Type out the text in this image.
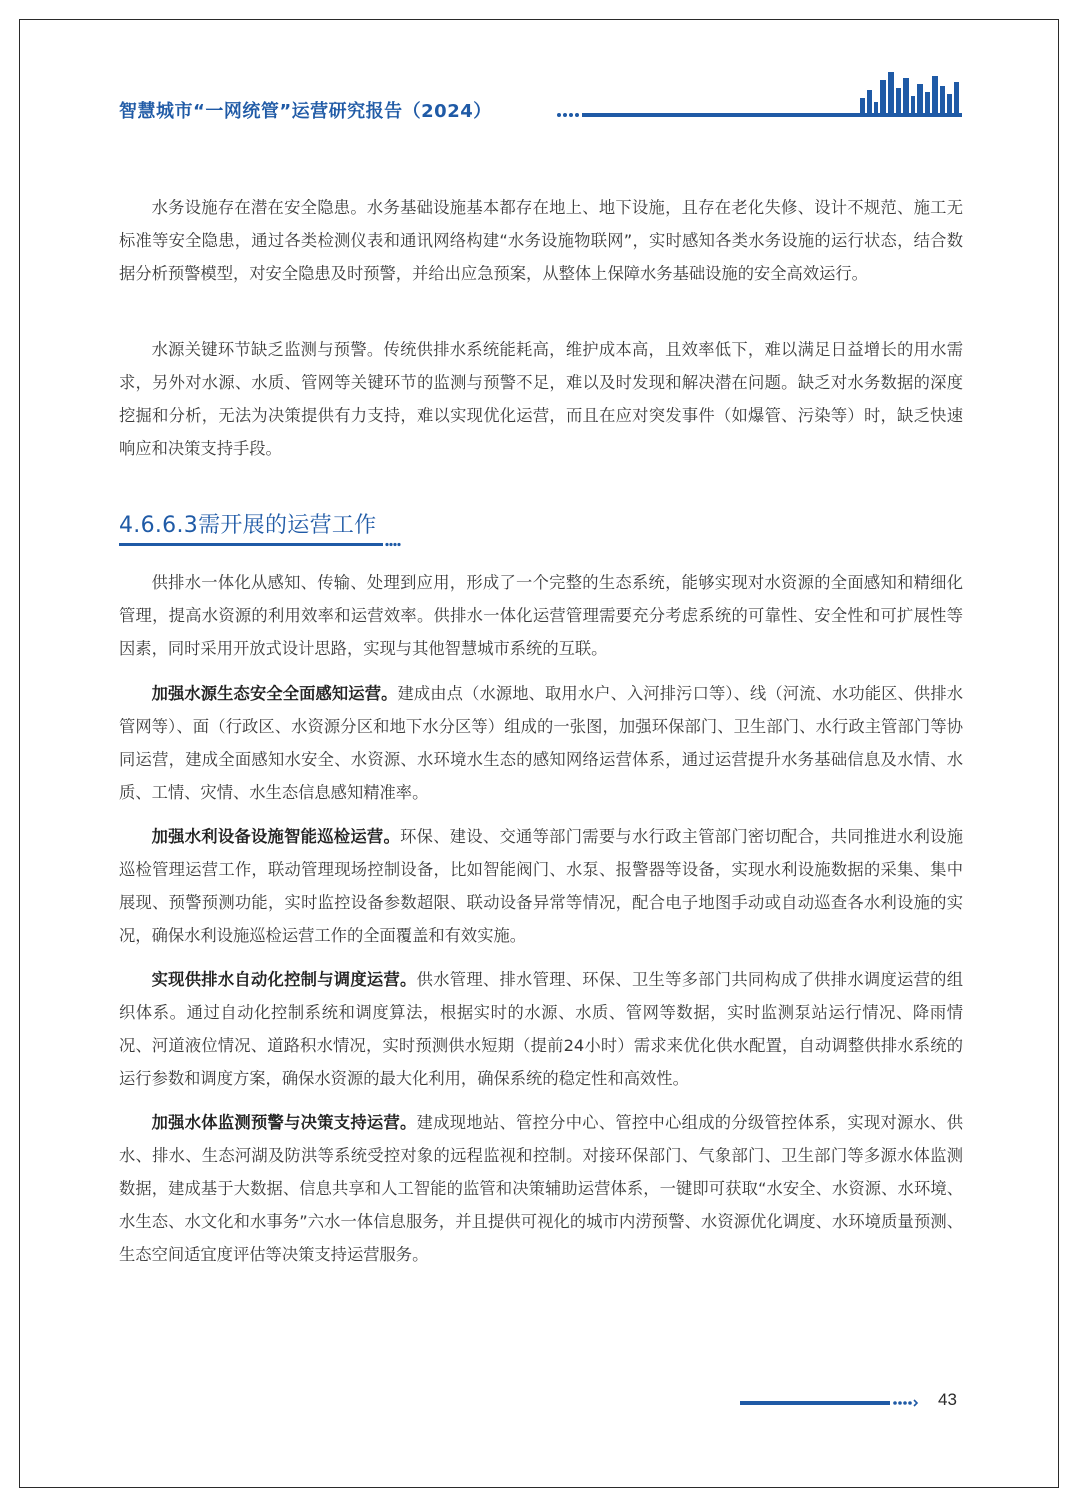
智慧城市“一网统管”运营研究报告（2024）

水务设施存在潜在安全隐患。水务基础设施基本都存在地上、地下设施，且存在老化失修、设计不规范、施工无标准等安全隐患，通过各类检测仪表和通讯网络构建“水务设施物联网”，实时感知各类水务设施的运行状态，结合数据分析预警模型，对安全隐患及时预警，并给出应急预案，从整体上保障水务基础设施的安全高效运行。

水源关键环节缺乏监测与预警。传统供排水系统能耗高，维护成本高，且效率低下，难以满足日益增长的用水需求，另外对水源、水质、管网等关键环节的监测与预警不足，难以及时发现和解决潜在问题。缺乏对水务数据的深度挖掘和分析，无法为决策提供有力支持，难以实现优化运营，而且在应对突发事件（如爆管、污染等）时，缺乏快速响应和决策支持手段。

4.6.6.3需开展的运营工作

供排水一体化从感知、传输、处理到应用，形成了一个完整的生态系统，能够实现对水资源的全面感知和精细化管理，提高水资源的利用效率和运营效率。供排水一体化运营管理需要充分考虑系统的可靠性、安全性和可扩展性等因素，同时采用开放式设计思路，实现与其他智慧城市系统的互联。

加强水源生态安全全面感知运营。建成由点（水源地、取用水户、入河排污口等）、线（河流、水功能区、供排水管网等）、面（行政区、水资源分区和地下水分区等）组成的一张图，加强环保部门、卫生部门、水行政主管部门等协同运营，建成全面感知水安全、水资源、水环境水生态的感知网络运营体系，通过运营提升水务基础信息及水情、水质、工情、灾情、水生态信息感知精准率。

加强水利设备设施智能巡检运营。环保、建设、交通等部门需要与水行政主管部门密切配合，共同推进水利设施巡检管理运营工作，联动管理现场控制设备，比如智能阀门、水泵、报警器等设备，实现水利设施数据的采集、集中展现、预警预测功能，实时监控设备参数超限、联动设备异常等情况，配合电子地图手动或自动巡查各水利设施的实况，确保水利设施巡检运营工作的全面覆盖和有效实施。

实现供排水自动化控制与调度运营。供水管理、排水管理、环保、卫生等多部门共同构成了供排水调度运营的组织体系。通过自动化控制系统和调度算法，根据实时的水源、水质、管网等数据，实时监测泵站运行情况、降雨情况、河道液位情况、道路积水情况，实时预测供水短期（提前24小时）需求来优化供水配置，自动调整供排水系统的运行参数和调度方案，确保水资源的最大化利用，确保系统的稳定性和高效性。

加强水体监测预警与决策支持运营。建成现地站、管控分中心、管控中心组成的分级管控体系，实现对源水、供水、排水、生态河湖及防洪等系统受控对象的远程监视和控制。对接环保部门、气象部门、卫生部门等多源水体监测数据，建成基于大数据、信息共享和人工智能的监管和决策辅助运营体系，一键即可获取“水安全、水资源、水环境、水生态、水文化和水事务”六水一体信息服务，并且提供可视化的城市内涝预警、水资源优化调度、水环境质量预测、生态空间适宜度评估等决策支持运营服务。

43
